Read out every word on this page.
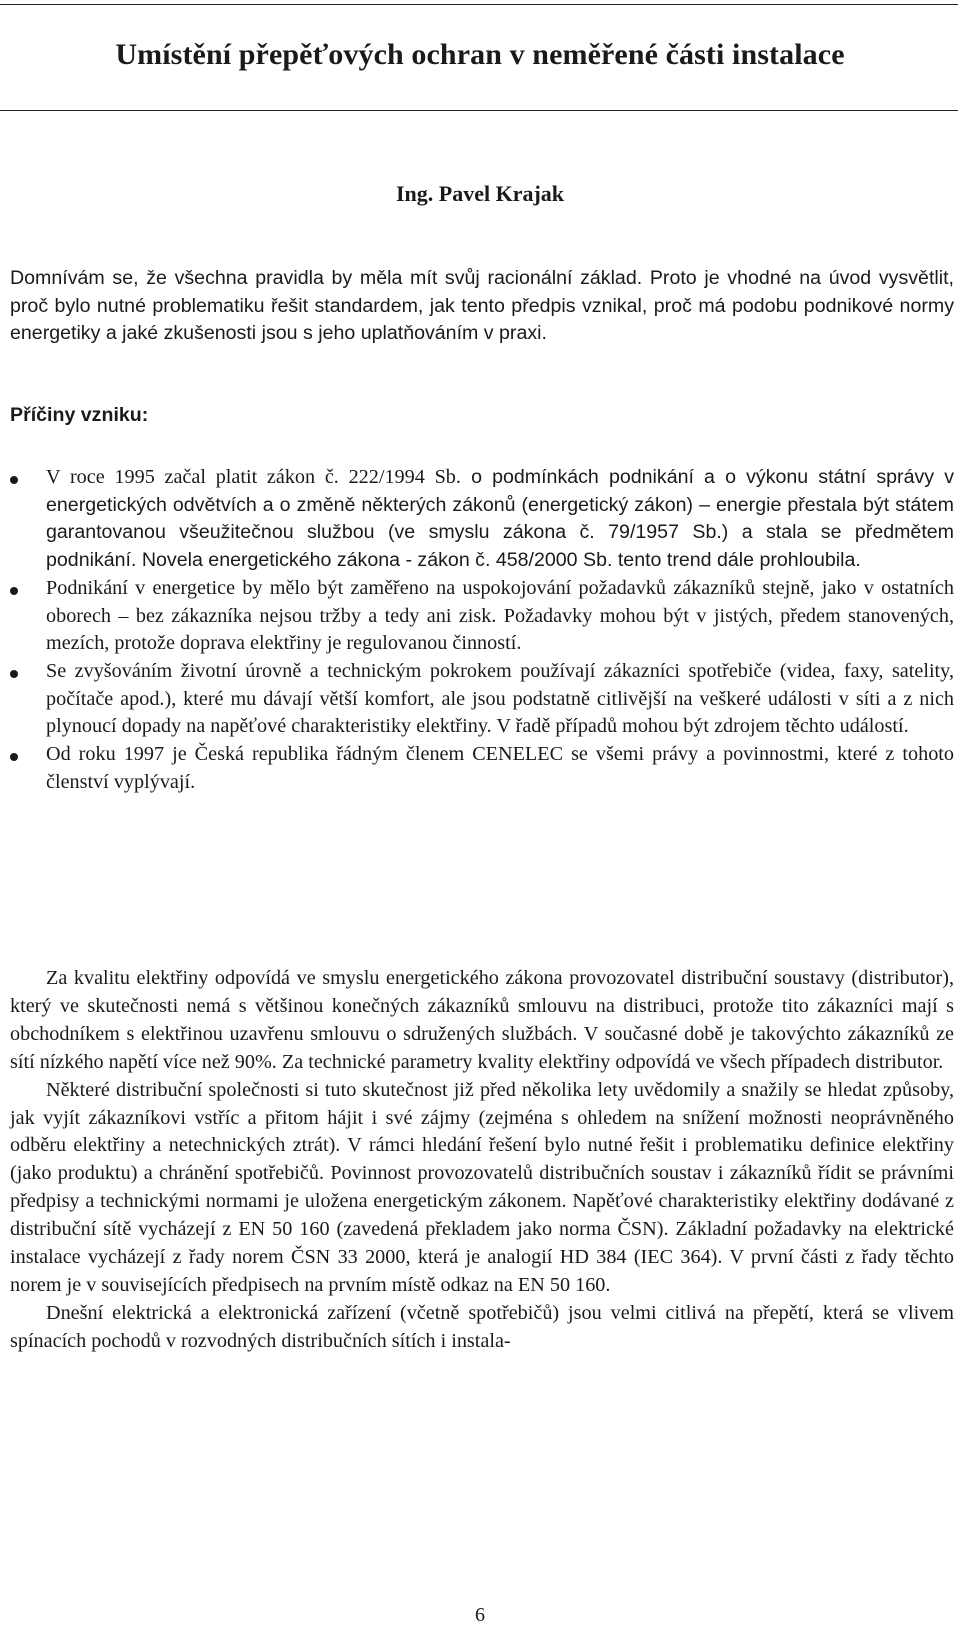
Umístění přepěťových ochran v neměřené části instalace
Ing. Pavel Krajak

Domnívám se, že všechna pravidla by měla mít svůj racionální základ. Proto je vhodné na úvod vysvětlit, proč bylo nutné problematiku řešit standardem, jak tento předpis vznikal, proč má podobu podnikové normy energetiky a jaké zkušenosti jsou s jeho uplatňováním v praxi.

Příčiny vzniku:
V roce 1995 začal platit zákon č. 222/1994 Sb. o podmínkách podnikání a o výkonu státní správy v energetických odvětvích a o změně některých zákonů (energetický zákon) – energie přestala být státem garantovanou všeužitečnou službou (ve smyslu zákona č. 79/1957 Sb.) a stala se předmětem podnikání. Novela energetického zákona - zákon č. 458/2000 Sb. tento trend dále prohloubila.
Podnikání v energetice by mělo být zaměřeno na uspokojování požadavků zákazníků stejně, jako v ostatních oborech – bez zákazníka nejsou tržby a tedy ani zisk. Požadavky mohou být v jistých, předem stanovených, mezích, protože doprava elektřiny je regulovanou činností.
Se zvyšováním životní úrovně a technickým pokrokem používají zákazníci spotřebiče (videa, faxy, satelity, počítače apod.), které mu dávají větší komfort, ale jsou podstatně citlivější na veškeré události v síti a z nich plynoucí dopady na napěťové charakteristiky elektřiny. V řadě případů mohou být zdrojem těchto událostí.
Od roku 1997 je Česká republika řádným členem CENELEC se všemi právy a povinnostmi, které z tohoto členství vyplývají.

Za kvalitu elektřiny odpovídá ve smyslu energetického zákona provozovatel distribuční soustavy (distributor), který ve skutečnosti nemá s většinou konečných zákazníků smlouvu na distribuci, protože tito zákazníci mají s obchodníkem s elektřinou uzavřenu smlouvu o sdružených službách. V současné době je takovýchto zákazníků ze sítí nízkého napětí více než 90%. Za technické parametry kvality elektřiny odpovídá ve všech případech distributor.

Některé distribuční společnosti si tuto skutečnost již před několika lety uvědomily a snažily se hledat způsoby, jak vyjít zákazníkovi vstříc a přitom hájit i své zájmy (zejména s ohledem na snížení možnosti neoprávněného odběru elektřiny a netechnických ztrát). V rámci hledání řešení bylo nutné řešit i problematiku definice elektřiny (jako produktu) a chránění spotřebičů. Povinnost provozovatelů distribučních soustav i zákazníků řídit se právními předpisy a technickými normami je uložena energetickým zákonem. Napěťové charakteristiky elektřiny dodávané z distribuční sítě vycházejí z EN 50 160 (zavedená překladem jako norma ČSN). Základní požadavky na elektrické instalace vycházejí z řady norem ČSN 33 2000, která je analogií HD 384 (IEC 364). V první části z řady těchto norem je v souvisejících předpisech na prvním místě odkaz na EN 50 160.

Dnešní elektrická a elektronická zařízení (včetně spotřebičů) jsou velmi citlivá na přepětí, která se vlivem spínacích pochodů v rozvodných distribučních sítích i instala-

6
